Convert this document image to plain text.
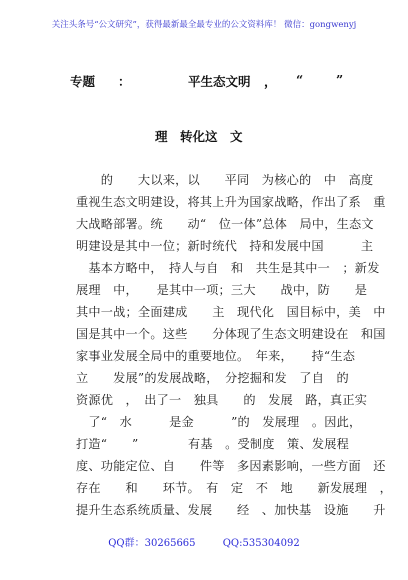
关注头条号“公文研究”，获得最新最全最专业的公文资料库！ 微信：gongwenyj
专题 ：	平生态文明 ， “	”
理　转化这　文
　　的　　大以来，以　　平同　为核心的　中　高度
重视生态文明建设，将其上升为国家战略，作出了系　重
大战略部署。统　　动“　位一体”总体　局中，生态文
明建设是其中一位；新时统代　持和发展中国　　　主
　基本方略中，　持人与自　和　共生是其中一　；新发
展理　中，　　是其中一项；三大　　战中，防　　是
其中一战；全面建成　　主　现代化　国目标中，美　中
国是其中一个。这些　　分体现了生态文明建设在　和国
家事业发展全局中的重要地位。　年来，　　持“生态
立　　发展”的发展战略，　分挖掘和发　了自　的
资源优　，　出了一　独具　　的　发展　路，真正实
　了“　水　　　是金　　　”的　发展理　。因此，
打造“　　”　　　　有基　。受制度　策、发展程
度、功能定位、自　　件等　多因素影响，一些方面　还
存在　　和　　环节。　有　定　不　地　　新发展理　，
提升生态系统质量、发展　　经　、加快基　设施　　升
QQ群：30265665	QQ:535304092
